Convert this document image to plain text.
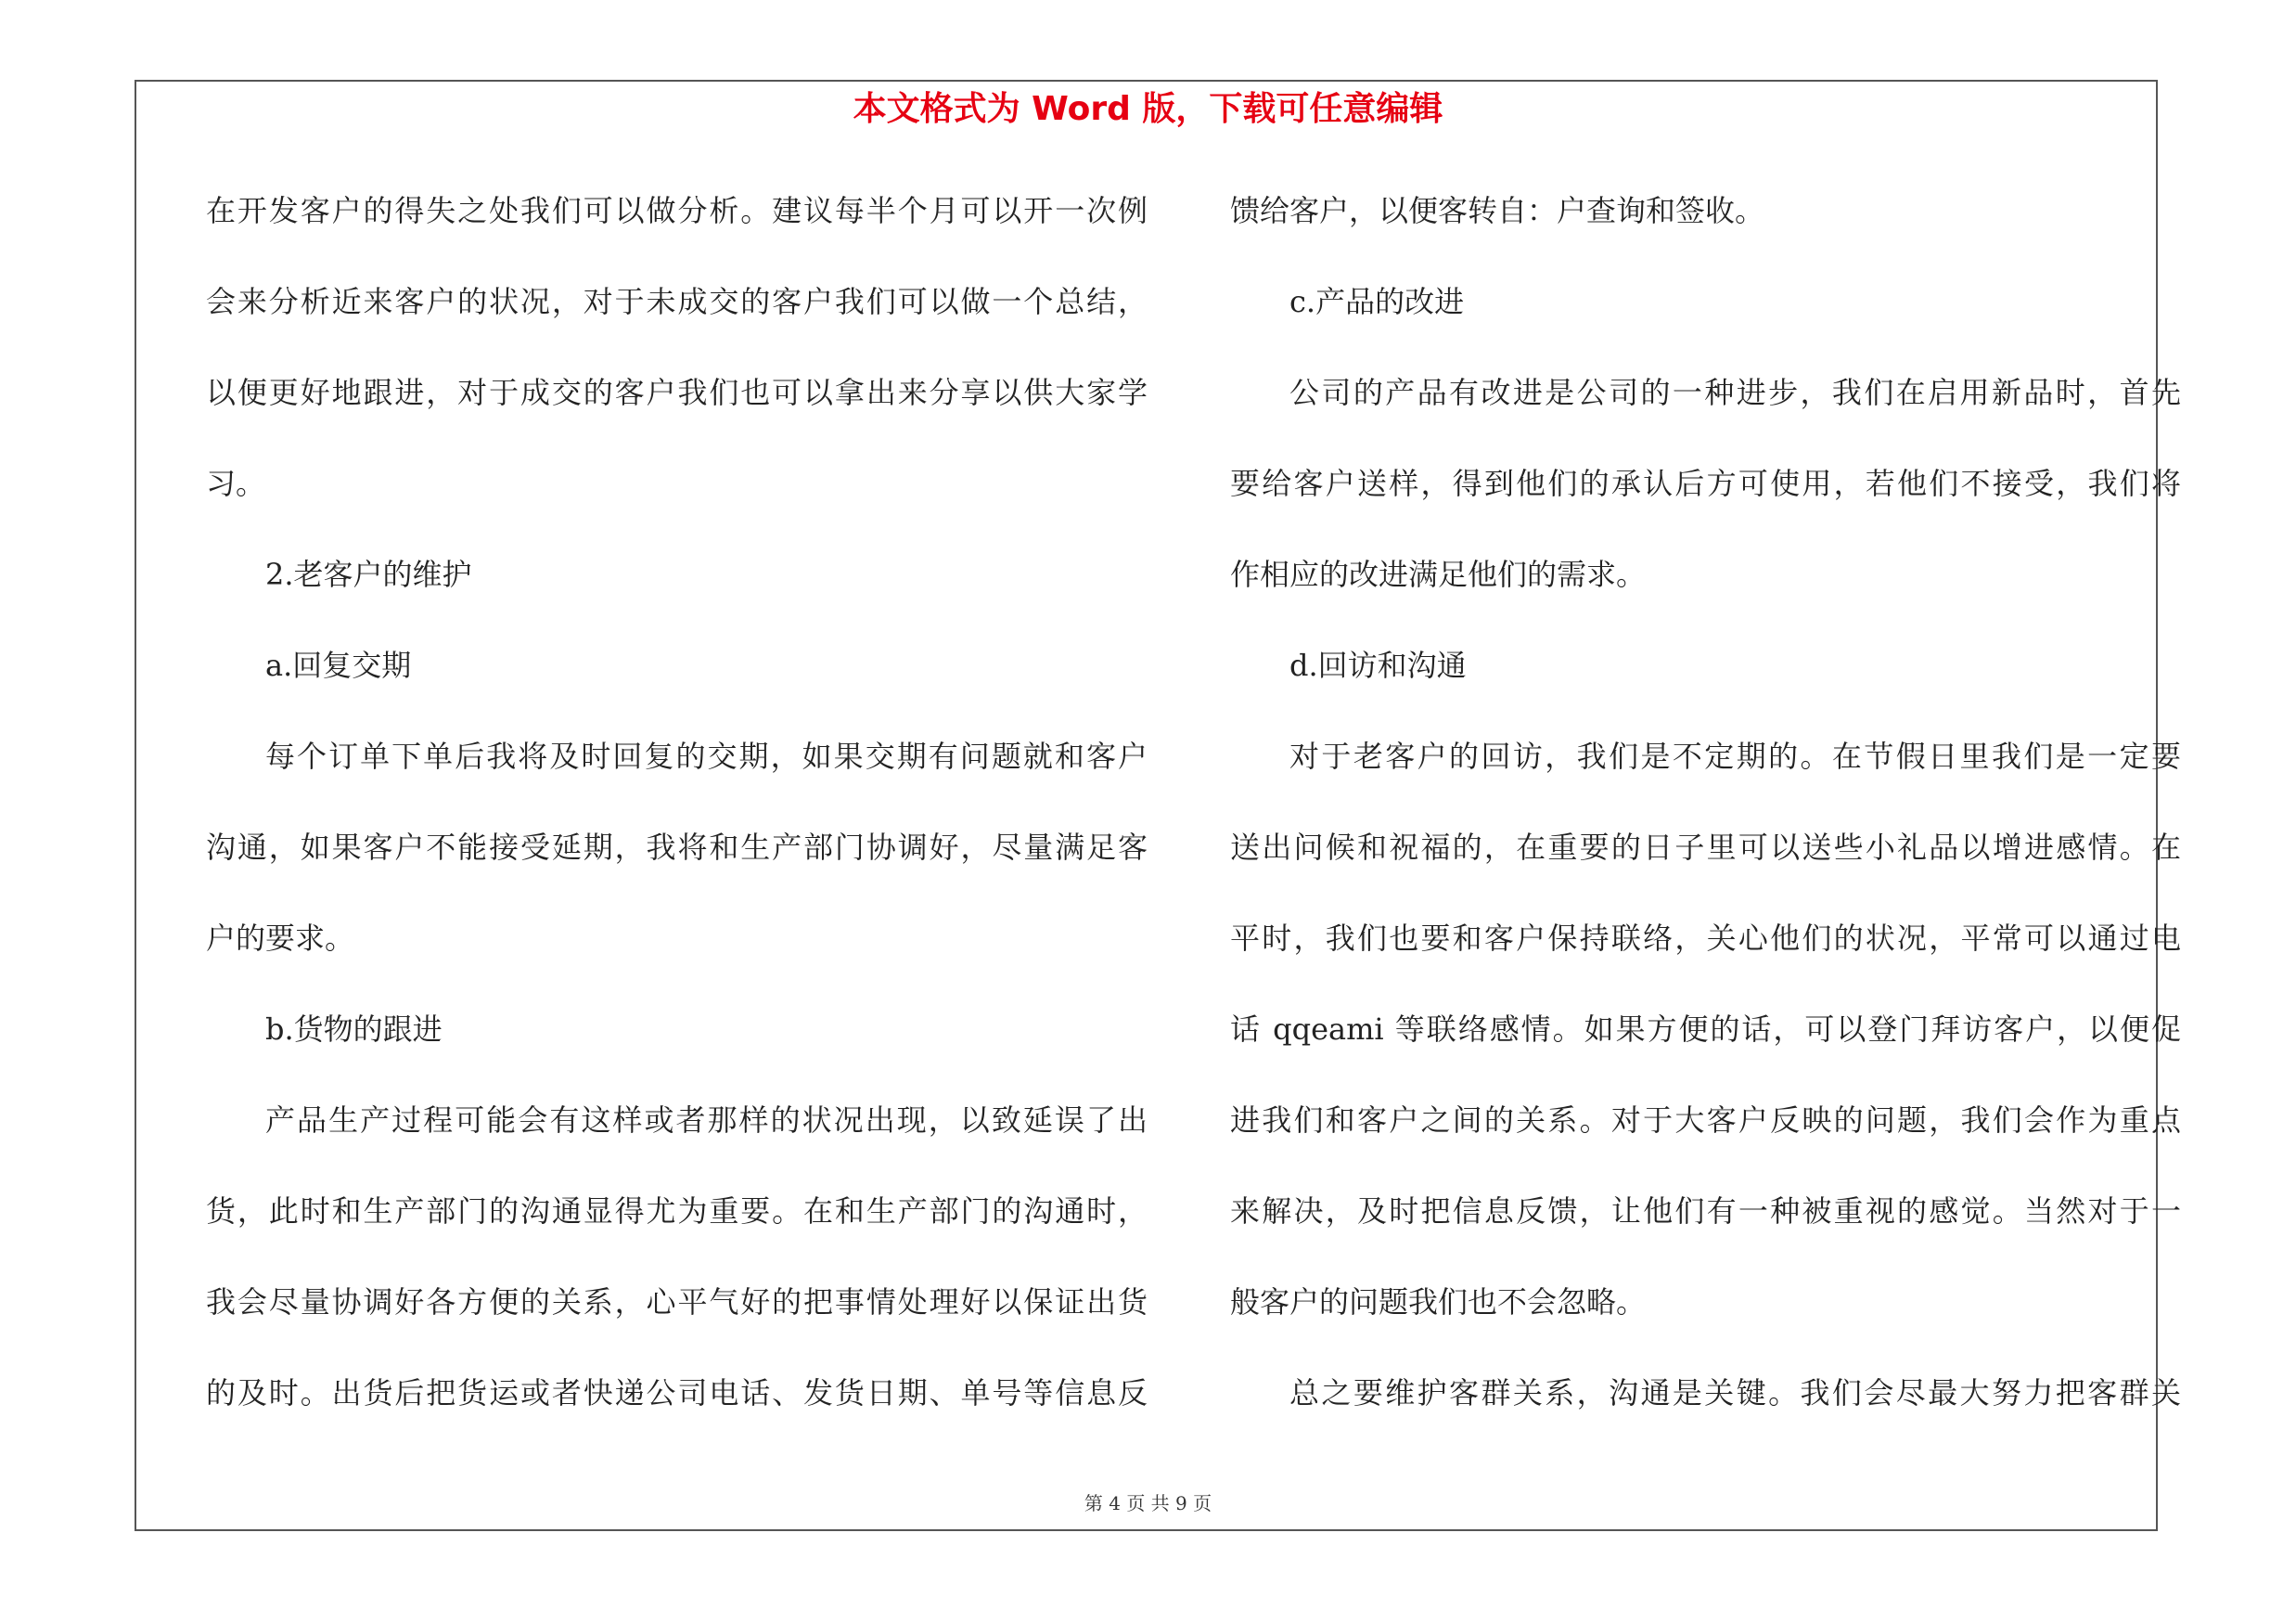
本文格式为 Word 版，下载可任意编辑
在开发客户的得失之处我们可以做分析。建议每半个月可以开一次例
会来分析近来客户的状况，对于未成交的客户我们可以做一个总结，
以便更好地跟进，对于成交的客户我们也可以拿出来分享以供大家学
习。
2.老客户的维护
a.回复交期
每个订单下单后我将及时回复的交期，如果交期有问题就和客户
沟通，如果客户不能接受延期，我将和生产部门协调好，尽量满足客
户的要求。
b.货物的跟进
产品生产过程可能会有这样或者那样的状况出现，以致延误了出
货，此时和生产部门的沟通显得尤为重要。在和生产部门的沟通时，
我会尽量协调好各方便的关系，心平气好的把事情处理好以保证出货
的及时。出货后把货运或者快递公司电话、发货日期、单号等信息反
馈给客户，以便客转自：户查询和签收。
c.产品的改进
公司的产品有改进是公司的一种进步，我们在启用新品时，首先
要给客户送样，得到他们的承认后方可使用，若他们不接受，我们将
作相应的改进满足他们的需求。
d.回访和沟通
对于老客户的回访，我们是不定期的。在节假日里我们是一定要
送出问候和祝福的，在重要的日子里可以送些小礼品以增进感情。在
平时，我们也要和客户保持联络，关心他们的状况，平常可以通过电
话 qqeami 等联络感情。如果方便的话，可以登门拜访客户，以便促
进我们和客户之间的关系。对于大客户反映的问题，我们会作为重点
来解决，及时把信息反馈，让他们有一种被重视的感觉。当然对于一
般客户的问题我们也不会忽略。
总之要维护客群关系，沟通是关键。我们会尽最大努力把客群关
第 4 页 共 9 页
